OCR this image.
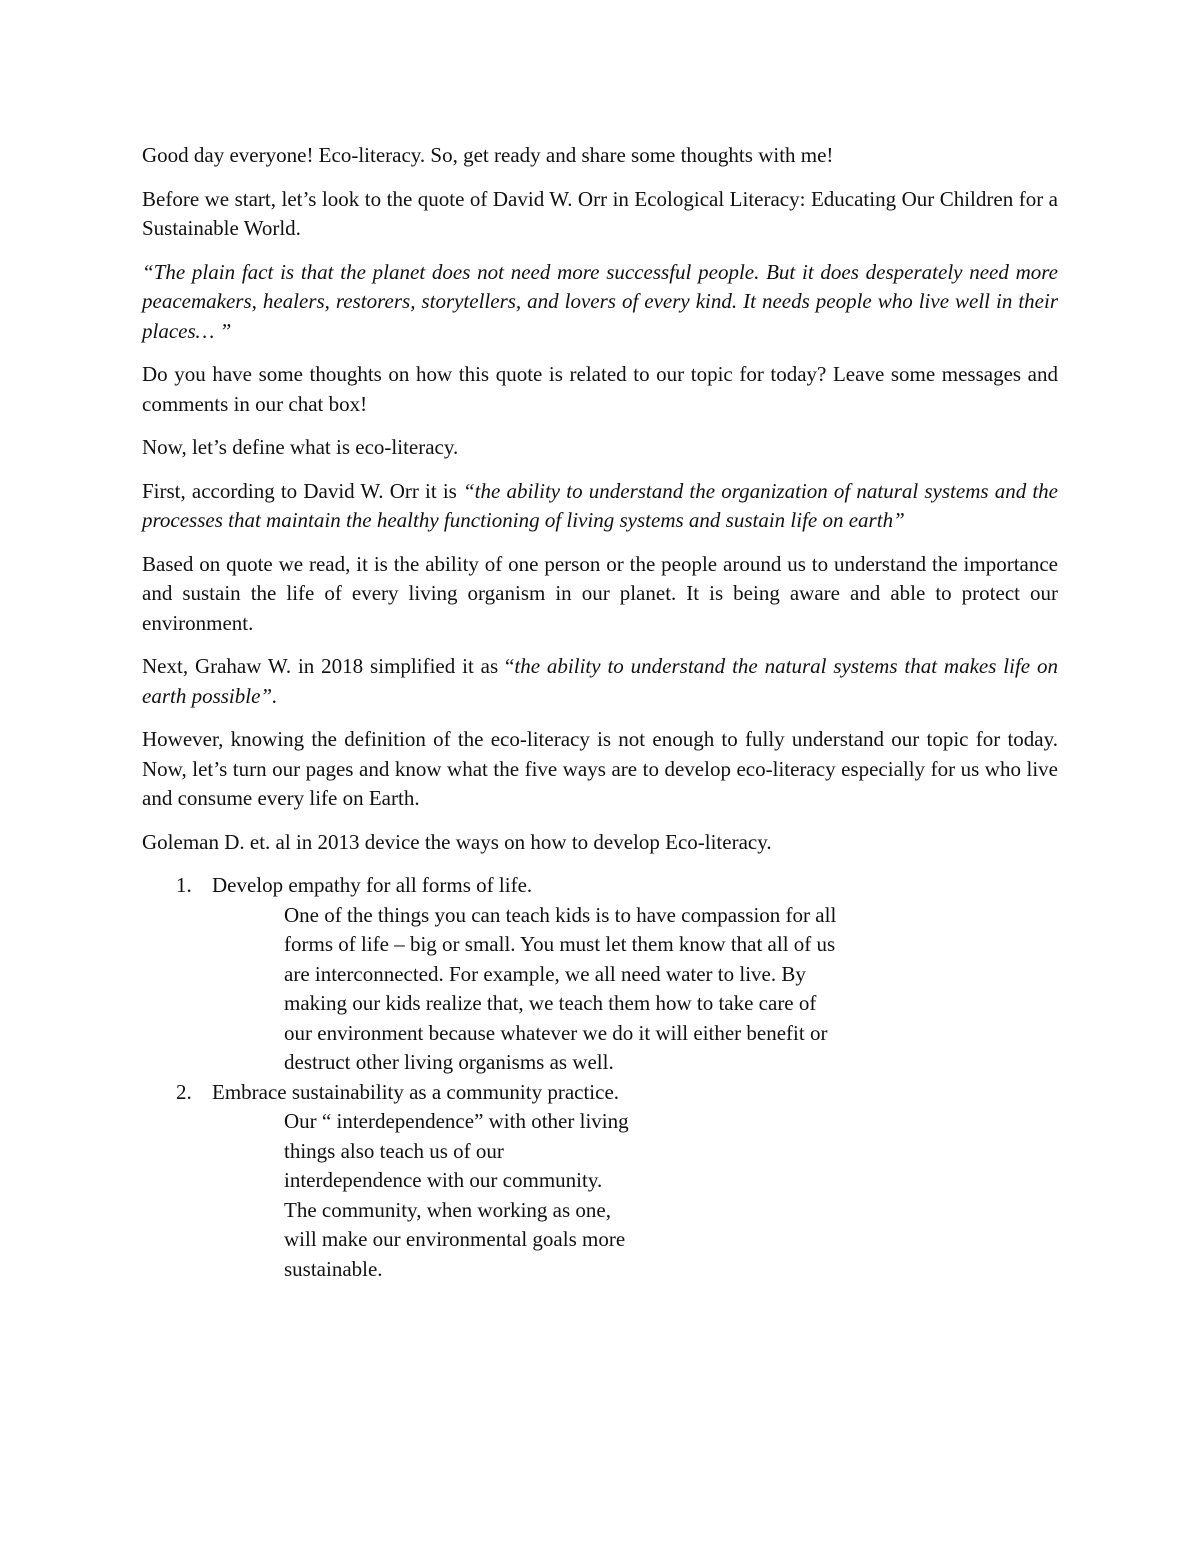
Good day everyone! Eco-literacy. So, get ready and share some thoughts with me!

Before we start, let’s look to the quote of David W. Orr in Ecological Literacy: Educating Our Children for a Sustainable World.

“The plain fact is that the planet does not need more successful people. But it does desperately need more peacemakers, healers, restorers, storytellers, and lovers of every kind. It needs people who live well in their places… ”

Do you have some thoughts on how this quote is related to our topic for today? Leave some messages and comments in our chat box!

Now, let’s define what is eco-literacy.

First, according to David W. Orr it is “the ability to understand the organization of natural systems and the processes that maintain the healthy functioning of living systems and sustain life on earth”

Based on quote we read, it is the ability of one person or the people around us to understand the importance and sustain the life of every living organism in our planet. It is being aware and able to protect our environment.

Next, Grahaw W. in 2018 simplified it as “the ability to understand the natural systems that makes life on earth possible”.

However, knowing the definition of the eco-literacy is not enough to fully understand our topic for today. Now, let’s turn our pages and know what the five ways are to develop eco-literacy especially for us who live and consume every life on Earth.

Goleman D. et. al in 2013 device the ways on how to develop Eco-literacy.

1. Develop empathy for all forms of life.
One of the things you can teach kids is to have compassion for all forms of life – big or small. You must let them know that all of us are interconnected. For example, we all need water to live. By making our kids realize that, we teach them how to take care of our environment because whatever we do it will either benefit or destruct other living organisms as well.
2. Embrace sustainability as a community practice.
Our “ interdependence” with other living things also teach us of our interdependence with our community. The community, when working as one, will make our environmental goals more sustainable.
